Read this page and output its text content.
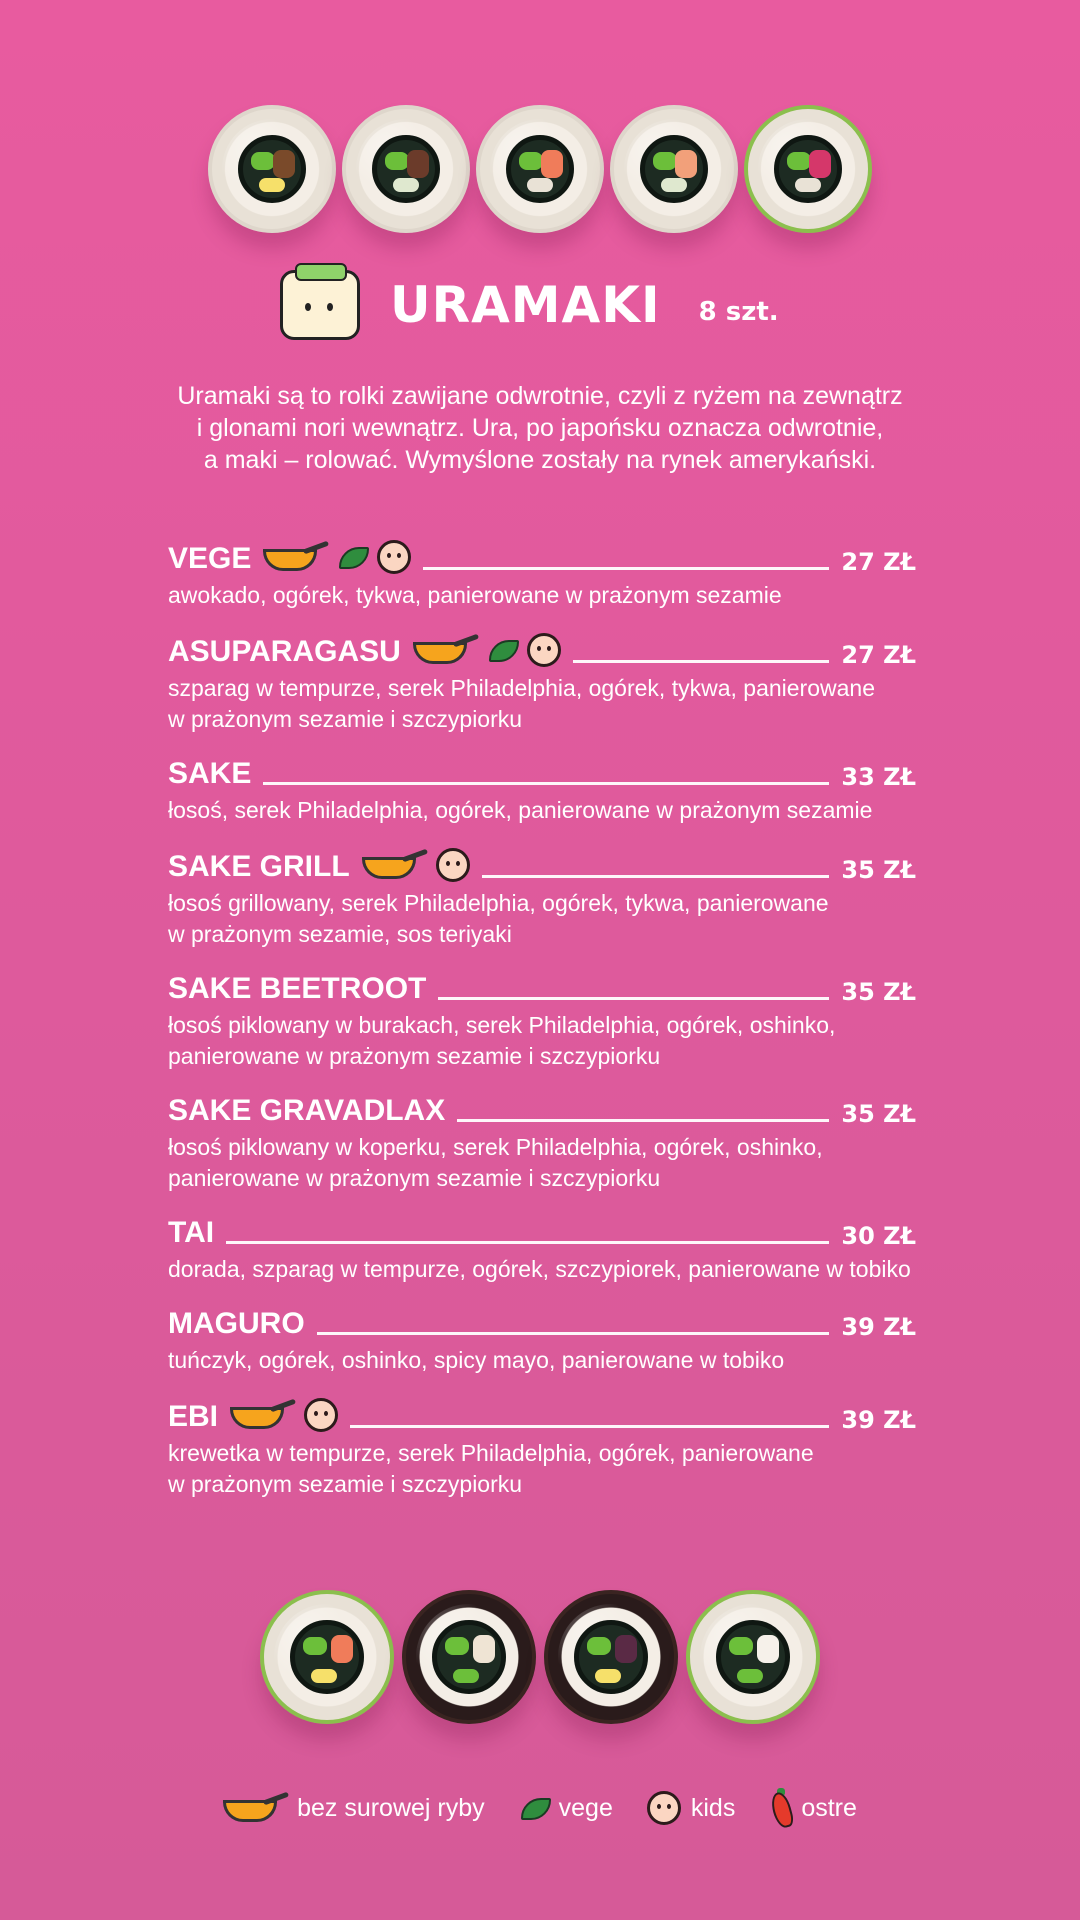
URAMAKI 8 szt.
Uramaki są to rolki zawijane odwrotnie, czyli z ryżem na zewnątrz
i glonami nori wewnątrz. Ura, po japońsku oznacza odwrotnie,
a maki – rolować. Wymyślone zostały na rynek amerykański.
VEGE	27 ZŁ
awokado, ogórek, tykwa, panierowane w prażonym sezamie
ASUPARAGASU	27 ZŁ
szparag w tempurze, serek Philadelphia, ogórek, tykwa, panierowane
w prażonym sezamie i szczypiorku
SAKE	33 ZŁ
łosoś, serek Philadelphia, ogórek, panierowane w prażonym sezamie
SAKE GRILL	35 ZŁ
łosoś grillowany, serek Philadelphia, ogórek, tykwa, panierowane
w prażonym sezamie, sos teriyaki
SAKE BEETROOT	35 ZŁ
łosoś piklowany w burakach, serek Philadelphia, ogórek, oshinko,
panierowane w prażonym sezamie i szczypiorku
SAKE GRAVADLAX	35 ZŁ
łosoś piklowany w koperku, serek Philadelphia, ogórek, oshinko,
panierowane w prażonym sezamie i szczypiorku
TAI	30 ZŁ
dorada, szparag w tempurze, ogórek, szczypiorek, panierowane w tobiko
MAGURO	39 ZŁ
tuńczyk, ogórek, oshinko, spicy mayo, panierowane w tobiko
EBI	39 ZŁ
krewetka w tempurze, serek Philadelphia, ogórek, panierowane
w prażonym sezamie i szczypiorku
bez surowej ryby	vege	kids	ostre
